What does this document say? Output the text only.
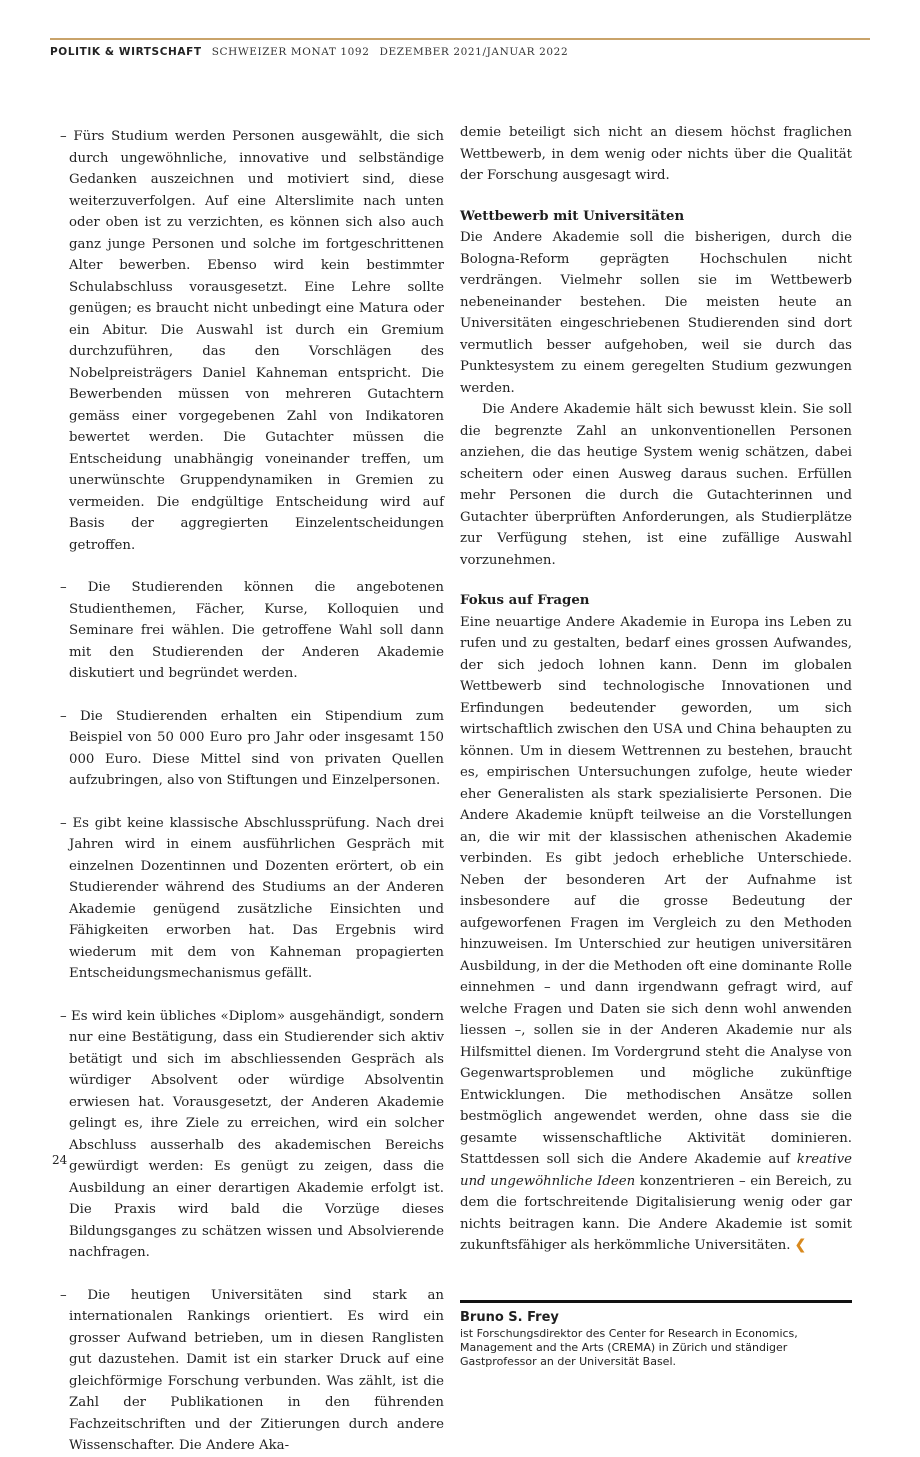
POLITIK & WIRTSCHAFT SCHWEIZER MONAT 1092 DEZEMBER 2021/JANUAR 2022

– Fürs Studium werden Personen ausgewählt, die sich durch ungewöhnliche, innovative und selbständige Gedanken auszeichnen und motiviert sind, diese weiterzuverfolgen. Auf eine Alterslimite nach unten oder oben ist zu verzichten, es können sich also auch ganz junge Personen und solche im fortgeschrittenen Alter bewerben. Ebenso wird kein bestimmter Schulabschluss vorausgesetzt. Eine Lehre sollte genügen; es braucht nicht unbedingt eine Matura oder ein Abitur. Die Auswahl ist durch ein Gremium durchzuführen, das den Vorschlägen des Nobelpreisträgers Daniel Kahneman entspricht. Die Bewerbenden müssen von mehreren Gutachtern gemäss einer vorgegebenen Zahl von Indikatoren bewertet werden. Die Gutachter müssen die Entscheidung unabhängig voneinander treffen, um unerwünschte Gruppendynamiken in Gremien zu vermeiden. Die endgültige Entscheidung wird auf Basis der aggregierten Einzelentscheidungen getroffen.

– Die Studierenden können die angebotenen Studienthemen, Fächer, Kurse, Kolloquien und Seminare frei wählen. Die getroffene Wahl soll dann mit den Studierenden der Anderen Akademie diskutiert und begründet werden.

– Die Studierenden erhalten ein Stipendium zum Beispiel von 50 000 Euro pro Jahr oder insgesamt 150 000 Euro. Diese Mittel sind von privaten Quellen aufzubringen, also von Stiftungen und Einzelpersonen.

– Es gibt keine klassische Abschlussprüfung. Nach drei Jahren wird in einem ausführlichen Gespräch mit einzelnen Dozentinnen und Dozenten erörtert, ob ein Studierender während des Studiums an der Anderen Akademie genügend zusätzliche Einsichten und Fähigkeiten erworben hat. Das Ergebnis wird wiederum mit dem von Kahneman propagierten Entscheidungsmechanismus gefällt.

– Es wird kein übliches «Diplom» ausgehändigt, sondern nur eine Bestätigung, dass ein Studierender sich aktiv betätigt und sich im abschliessenden Gespräch als würdiger Absolvent oder würdige Absolventin erwiesen hat. Vorausgesetzt, der Anderen Akademie gelingt es, ihre Ziele zu erreichen, wird ein solcher Abschluss ausserhalb des akademischen Bereichs gewürdigt werden: Es genügt zu zeigen, dass die Ausbildung an einer derartigen Akademie erfolgt ist. Die Praxis wird bald die Vorzüge dieses Bildungsganges zu schätzen wissen und Absolvierende nachfragen.

– Die heutigen Universitäten sind stark an internationalen Rankings orientiert. Es wird ein grosser Aufwand betrieben, um in diesen Ranglisten gut dazustehen. Damit ist ein starker Druck auf eine gleichförmige Forschung verbunden. Was zählt, ist die Zahl der Publikationen in den führenden Fachzeitschriften und der Zitierungen durch andere Wissenschafter. Die Andere Aka-

demie beteiligt sich nicht an diesem höchst fraglichen Wettbewerb, in dem wenig oder nichts über die Qualität der Forschung ausgesagt wird.

Wettbewerb mit Universitäten

Die Andere Akademie soll die bisherigen, durch die Bologna-Reform geprägten Hochschulen nicht verdrängen. Vielmehr sollen sie im Wettbewerb nebeneinander bestehen. Die meisten heute an Universitäten eingeschriebenen Studierenden sind dort vermutlich besser aufgehoben, weil sie durch das Punktesystem zu einem geregelten Studium gezwungen werden.

Die Andere Akademie hält sich bewusst klein. Sie soll die begrenzte Zahl an unkonventionellen Personen anziehen, die das heutige System wenig schätzen, dabei scheitern oder einen Ausweg daraus suchen. Erfüllen mehr Personen die durch die Gutachterinnen und Gutachter überprüften Anforderungen, als Studierplätze zur Verfügung stehen, ist eine zufällige Auswahl vorzunehmen.

Fokus auf Fragen

Eine neuartige Andere Akademie in Europa ins Leben zu rufen und zu gestalten, bedarf eines grossen Aufwandes, der sich jedoch lohnen kann. Denn im globalen Wettbewerb sind technologische Innovationen und Erfindungen bedeutender geworden, um sich wirtschaftlich zwischen den USA und China behaupten zu können. Um in diesem Wettrennen zu bestehen, braucht es, empirischen Untersuchungen zufolge, heute wieder eher Generalisten als stark spezialisierte Personen. Die Andere Akademie knüpft teilweise an die Vorstellungen an, die wir mit der klassischen athenischen Akademie verbinden. Es gibt jedoch erhebliche Unterschiede. Neben der besonderen Art der Aufnahme ist insbesondere auf die grosse Bedeutung der aufgeworfenen Fragen im Vergleich zu den Methoden hinzuweisen. Im Unterschied zur heutigen universitären Ausbildung, in der die Methoden oft eine dominante Rolle einnehmen – und dann irgendwann gefragt wird, auf welche Fragen und Daten sie sich denn wohl anwenden liessen –, sollen sie in der Anderen Akademie nur als Hilfsmittel dienen. Im Vordergrund steht die Analyse von Gegenwartsproblemen und mögliche zukünftige Entwicklungen. Die methodischen Ansätze sollen bestmöglich angewendet werden, ohne dass sie die gesamte wissenschaftliche Aktivität dominieren. Stattdessen soll sich die Andere Akademie auf kreative und ungewöhnliche Ideen konzentrieren – ein Bereich, zu dem die fortschreitende Digitalisierung wenig oder gar nichts beitragen kann. Die Andere Akademie ist somit zukunftsfähiger als herkömmliche Universitäten. ❮

Bruno S. Frey
ist Forschungsdirektor des Center for Research in Economics, Management and the Arts (CREMA) in Zürich und ständiger Gastprofessor an der Universität Basel.
24
